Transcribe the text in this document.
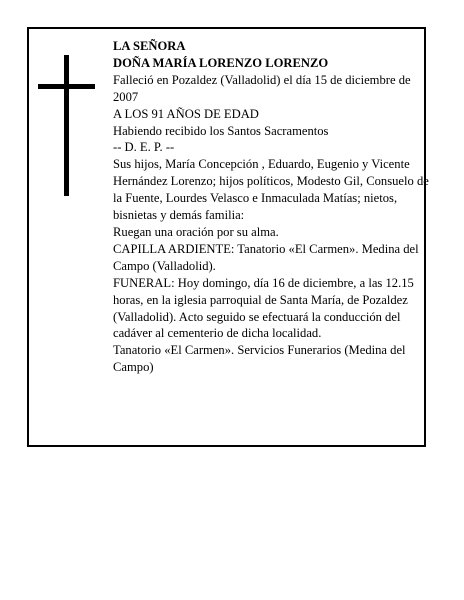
LA SEÑORA

DOÑA MARÍA LORENZO LORENZO

Falleció en Pozaldez (Valladolid) el día 15 de diciembre de 2007

A LOS 91 AÑOS DE EDAD

Habiendo recibido los Santos Sacramentos

-- D. E. P. --

Sus hijos, María Concepción , Eduardo, Eugenio y Vicente Hernández Lorenzo; hijos políticos, Modesto Gil, Consuelo de la Fuente, Lourdes Velasco e Inmaculada Matías; nietos, bisnietas y demás familia:

Ruegan una oración por su alma.

CAPILLA ARDIENTE: Tanatorio «El Carmen». Medina del Campo (Valladolid).

FUNERAL: Hoy domingo, día 16 de diciembre, a las 12.15 horas, en la iglesia parroquial de Santa María, de Pozaldez (Valladolid). Acto seguido se efectuará la conducción del cadáver al cementerio de dicha localidad.

Tanatorio «El Carmen». Servicios Funerarios (Medina del Campo)
